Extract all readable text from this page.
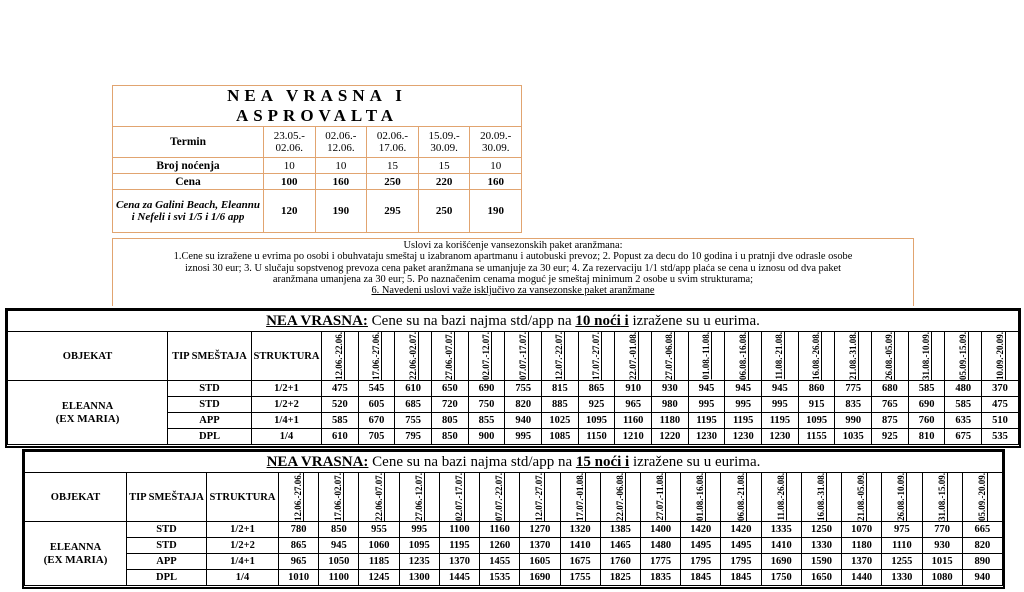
NEA VRASNA I
ASPROVALTA					
Termin	23.05.- 02.06.	02.06.- 12.06.	02.06.- 17.06.	15.09.- 30.09.	20.09.- 30.09.
Broj noćenja	10	10	15	15	10
Cena	100	160	250	220	160
Cena za Galini Beach, Eleannu i Nefeli i svi 1/5 i 1/6 app	120	190	295	250	190
Uslovi za korišćenje vansezonskih paket aranžmana:
1.Cene su izražene u evrima po osobi i obuhvataju smeštaj u izabranom apartmanu i autobuski prevoz; 2. Popust za decu do 10 godina i u pratnji dve odrasle osobe
iznosi 30 eur; 3. U slučaju sopstvenog prevoza cena paket aranžmana se umanjuje za 30 eur; 4. Za rezervaciju 1/1 std/app plaća se cena u iznosu od dva paket
aranžmana umanjena za 30 eur; 5. Po naznačenim cenama moguć je smeštaj minimum 2 osobe u svim strukturama;
6. Navedeni uslovi važe isključivo za vansezonske paket aranžmane
NEA VRASNA: Cene su na bazi najma std/app na 10 noći i izražene su u eurima.																					
OBJEKAT	TIP SMEŠTAJA	STRUKTURA	12.06.-22.06.	17.06.-27.06.	22.06.-02.07.	27.06.-07.07.	02.07.-12.07.	07.07.-17.07.	12.07.-22.07.	17.07.-27.07.	22.07.-01.08.	27.07.-06.08.	01.08.-11.08.	06.08.-16.08.	11.08.-21.08.	16.08.-26.08.	21.08.-31.08.	26.08.-05.09.	31.08.-10.09.	05.09.-15.09.	10.09.-20.09.

ELEANNA
(EX MARIA)	STD	1/2+1	475	545	610	650	690	755	815	865	910	930	945	945	945	860	775	680	585	480	370
	STD	1/2+2	520	605	685	720	750	820	885	925	965	980	995	995	995	915	835	765	690	585	475
	APP	1/4+1	585	670	755	805	855	940	1025	1095	1160	1180	1195	1195	1195	1095	990	875	760	635	510
	DPL	1/4	610	705	795	850	900	995	1085	1150	1210	1220	1230	1230	1230	1155	1035	925	810	675	535
NEA VRASNA: Cene su na bazi najma std/app na 15 noći i izražene su u eurima.																				
OBJEKAT	TIP SMEŠTAJA	STRUKTURA	12.06.-27.06.	17.06.-02.07.	22.06.-07.07.	27.06.-12.07.	02.07.-17.07.	07.07.-22.07.	12.07.-27.07.	17.07.-01.08.	22.07.-06.08.	27.07.-11.08.	01.08.-16.08.	06.08.-21.08.	11.08.-26.08.	16.08.-31.08.	21.08.-05.09.	26.08.-10.09.	31.08.-15.09.	05.09.-20.09.

ELEANNA
(EX MARIA)	STD	1/2+1	780	850	955	995	1100	1160	1270	1320	1385	1400	1420	1420	1335	1250	1070	975	770	665
	STD	1/2+2	865	945	1060	1095	1195	1260	1370	1410	1465	1480	1495	1495	1410	1330	1180	1110	930	820
	APP	1/4+1	965	1050	1185	1235	1370	1455	1605	1675	1760	1775	1795	1795	1690	1590	1370	1255	1015	890
	DPL	1/4	1010	1100	1245	1300	1445	1535	1690	1755	1825	1835	1845	1845	1750	1650	1440	1330	1080	940
